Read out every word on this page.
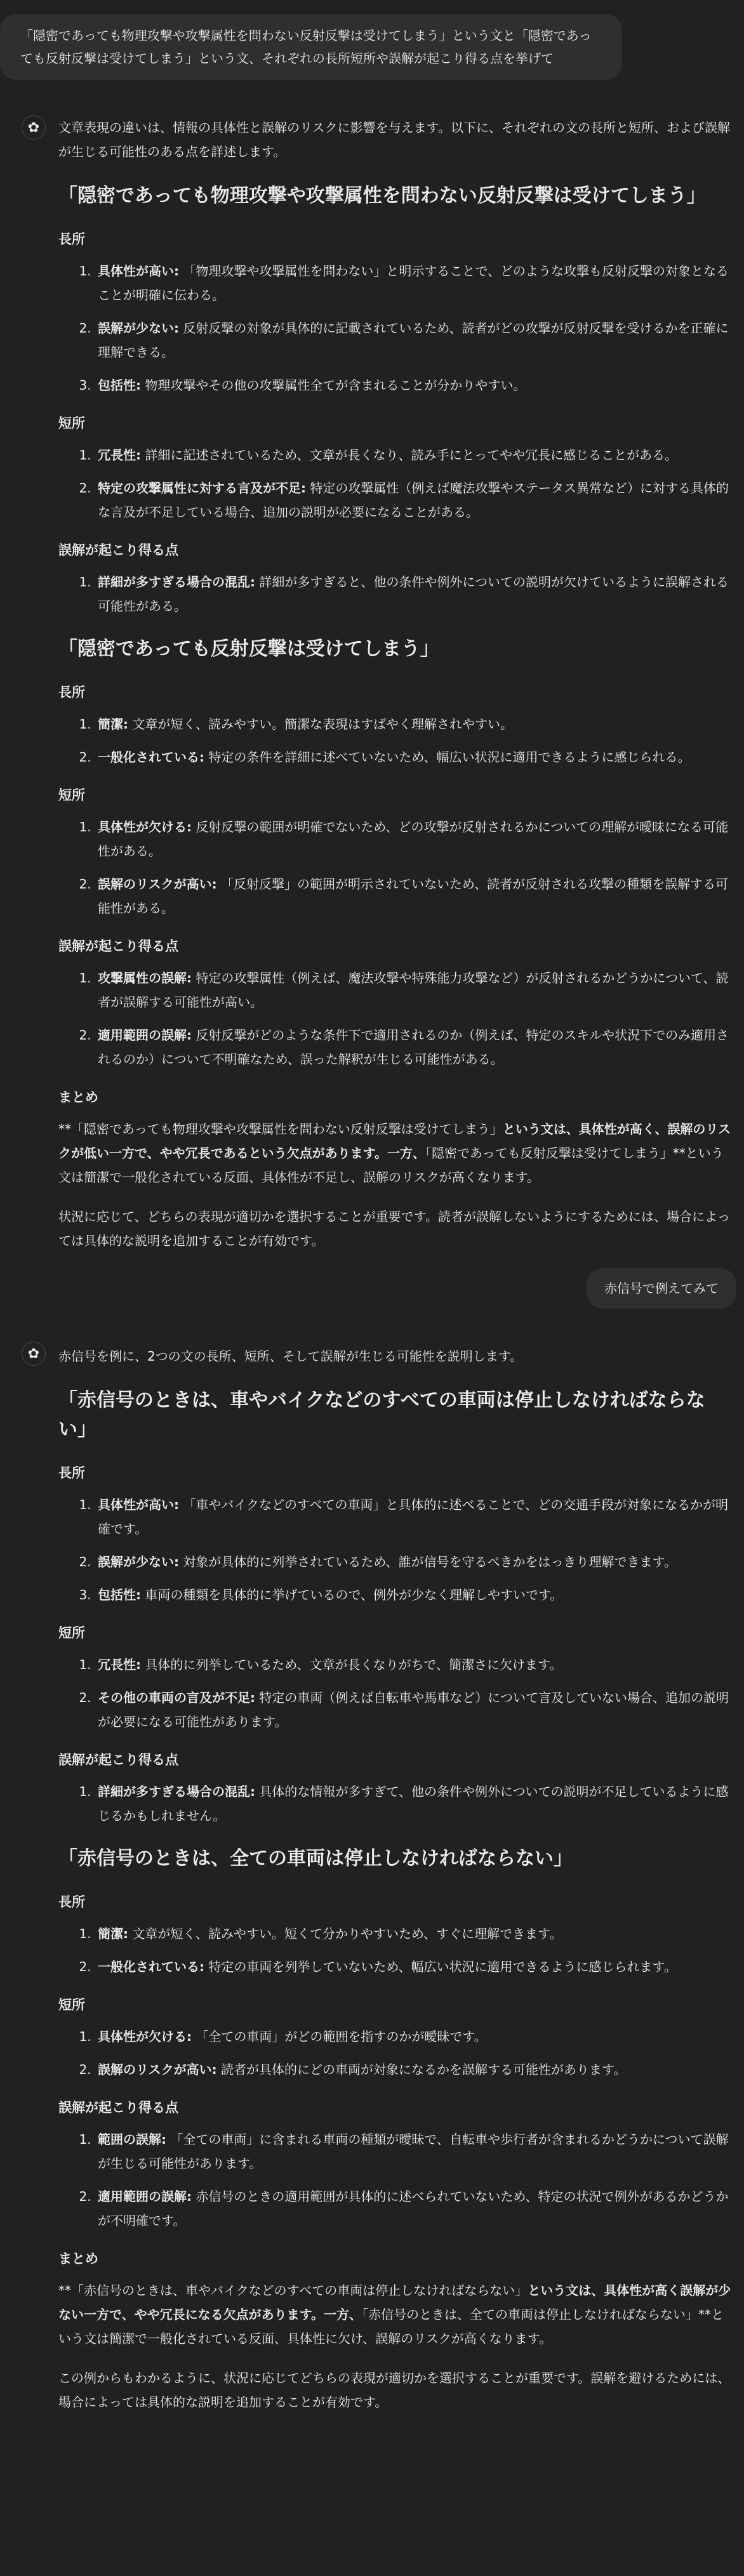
「隠密であっても物理攻撃や攻撃属性を問わない反射反撃は受けてしまう」という文と「隠密であっても反射反撃は受けてしまう」という文、それぞれの長所短所や誤解が起こり得る点を挙げて
✿	文章表現の違いは、情報の具体性と誤解のリスクに影響を与えます。以下に、それぞれの文の長所と短所、および誤解が生じる可能性のある点を詳述します。

「隠密であっても物理攻撃や攻撃属性を問わない反射反撃は受けてしまう」
長所
1. 具体性が高い: 「物理攻撃や攻撃属性を問わない」と明示することで、どのような攻撃も反射反撃の対象となることが明確に伝わる。
2. 誤解が少ない: 反射反撃の対象が具体的に記載されているため、読者がどの攻撃が反射反撃を受けるかを正確に理解できる。
3. 包括性: 物理攻撃やその他の攻撃属性全てが含まれることが分かりやすい。
短所
1. 冗長性: 詳細に記述されているため、文章が長くなり、読み手にとってやや冗長に感じることがある。
2. 特定の攻撃属性に対する言及が不足: 特定の攻撃属性（例えば魔法攻撃やステータス異常など）に対する具体的な言及が不足している場合、追加の説明が必要になることがある。
誤解が起こり得る点
1. 詳細が多すぎる場合の混乱: 詳細が多すぎると、他の条件や例外についての説明が欠けているように誤解される可能性がある。
「隠密であっても反射反撃は受けてしまう」
長所
1. 簡潔: 文章が短く、読みやすい。簡潔な表現はすばやく理解されやすい。
2. 一般化されている: 特定の条件を詳細に述べていないため、幅広い状況に適用できるように感じられる。
短所
1. 具体性が欠ける: 反射反撃の範囲が明確でないため、どの攻撃が反射されるかについての理解が曖昧になる可能性がある。
2. 誤解のリスクが高い: 「反射反撃」の範囲が明示されていないため、読者が反射される攻撃の種類を誤解する可能性がある。
誤解が起こり得る点
1. 攻撃属性の誤解: 特定の攻撃属性（例えば、魔法攻撃や特殊能力攻撃など）が反射されるかどうかについて、読者が誤解する可能性が高い。
2. 適用範囲の誤解: 反射反撃がどのような条件下で適用されるのか（例えば、特定のスキルや状況下でのみ適用されるのか）について不明確なため、誤った解釈が生じる可能性がある。
まとめ

**「隠密であっても物理攻撃や攻撃属性を問わない反射反撃は受けてしまう」という文は、具体性が高く、誤解のリスクが低い一方で、やや冗長であるという欠点があります。一方、「隠密であっても反射反撃は受けてしまう」**という文は簡潔で一般化されている反面、具体性が不足し、誤解のリスクが高くなります。

状況に応じて、どちらの表現が適切かを選択することが重要です。読者が誤解しないようにするためには、場合によっては具体的な説明を追加することが有効です。

赤信号で例えてみて
✿	赤信号を例に、2つの文の長所、短所、そして誤解が生じる可能性を説明します。

「赤信号のときは、車やバイクなどのすべての車両は停止しなければならない」
長所
1. 具体性が高い: 「車やバイクなどのすべての車両」と具体的に述べることで、どの交通手段が対象になるかが明確です。
2. 誤解が少ない: 対象が具体的に列挙されているため、誰が信号を守るべきかをはっきり理解できます。
3. 包括性: 車両の種類を具体的に挙げているので、例外が少なく理解しやすいです。
短所
1. 冗長性: 具体的に列挙しているため、文章が長くなりがちで、簡潔さに欠けます。
2. その他の車両の言及が不足: 特定の車両（例えば自転車や馬車など）について言及していない場合、追加の説明が必要になる可能性があります。
誤解が起こり得る点
1. 詳細が多すぎる場合の混乱: 具体的な情報が多すぎて、他の条件や例外についての説明が不足しているように感じるかもしれません。
「赤信号のときは、全ての車両は停止しなければならない」
長所
1. 簡潔: 文章が短く、読みやすい。短くて分かりやすいため、すぐに理解できます。
2. 一般化されている: 特定の車両を列挙していないため、幅広い状況に適用できるように感じられます。
短所
1. 具体性が欠ける: 「全ての車両」がどの範囲を指すのかが曖昧です。
2. 誤解のリスクが高い: 読者が具体的にどの車両が対象になるかを誤解する可能性があります。
誤解が起こり得る点
1. 範囲の誤解: 「全ての車両」に含まれる車両の種類が曖昧で、自転車や歩行者が含まれるかどうかについて誤解が生じる可能性があります。
2. 適用範囲の誤解: 赤信号のときの適用範囲が具体的に述べられていないため、特定の状況で例外があるかどうかが不明確です。
まとめ

**「赤信号のときは、車やバイクなどのすべての車両は停止しなければならない」という文は、具体性が高く誤解が少ない一方で、やや冗長になる欠点があります。一方、「赤信号のときは、全ての車両は停止しなければならない」**という文は簡潔で一般化されている反面、具体性に欠け、誤解のリスクが高くなります。

この例からもわかるように、状況に応じてどちらの表現が適切かを選択することが重要です。誤解を避けるためには、場合によっては具体的な説明を追加することが有効です。
